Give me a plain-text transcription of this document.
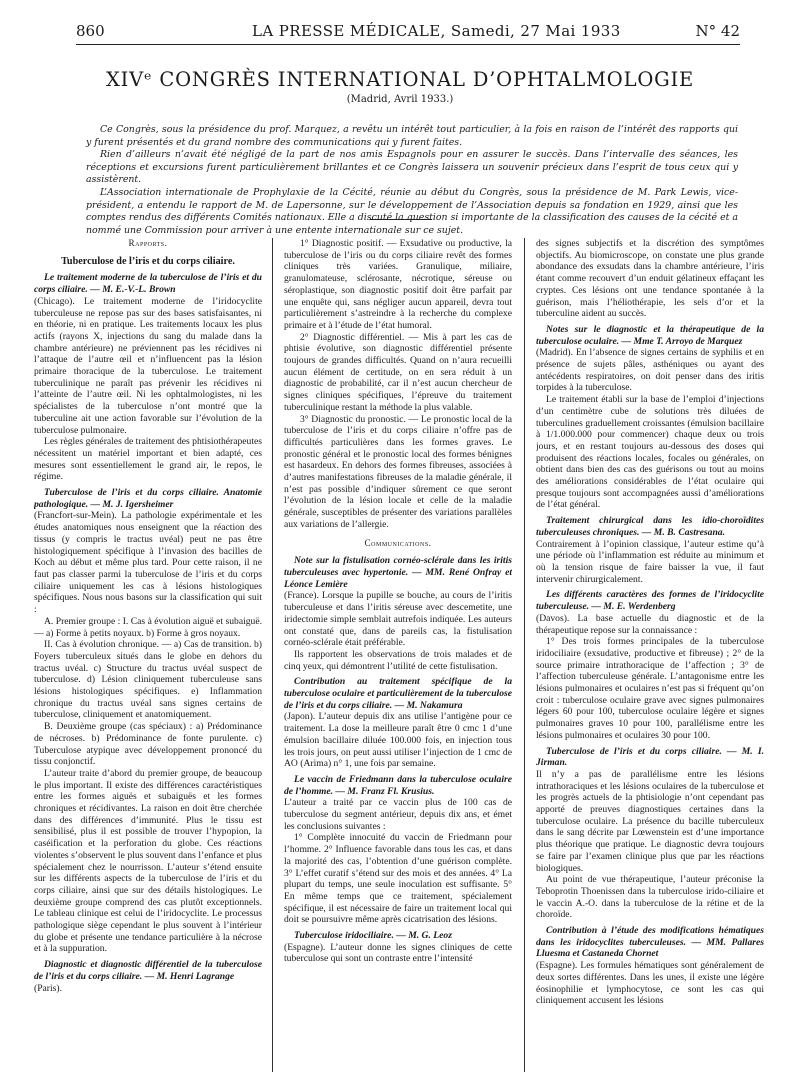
860	LA PRESSE MÉDICALE, Samedi, 27 Mai 1933	N° 42
XIVᵉ CONGRÈS INTERNATIONAL D’OPHTALMOLOGIE
(Madrid, Avril 1933.)

Ce Congrès, sous la présidence du prof. Marquez, a revêtu un intérêt tout particulier, à la fois en raison de l’intérêt des rapports qui y furent présentés et du grand nombre des communications qui y furent faites.

Rien d’ailleurs n’avait été négligé de la part de nos amis Espagnols pour en assurer le succès. Dans l’intervalle des séances, les réceptions et excursions furent particulièrement brillantes et ce Congrès laissera un souvenir précieux dans l’esprit de tous ceux qui y assistèrent.

L’Association internationale de Prophylaxie de la Cécité, réunie au début du Congrès, sous la présidence de M. Park Lewis, vice-président, a entendu le rapport de M. de Lapersonne, sur le développement de l’Association depuis sa fondation en 1929, ainsi que les comptes rendus des différents Comités nationaux. Elle a discuté la question si importante de la classification des causes de la cécité et a nommé une Commission pour arriver à une entente internationale sur ce sujet.

Rapports.

Tuberculose de l’iris et du corps ciliaire.

Le traitement moderne de la tuberculose de l’iris et du corps ciliaire. — M. E.-V.-L. Brown

(Chicago). Le traitement moderne de l’iridocyclite tuberculeuse ne repose pas sur des bases satisfaisantes, ni en théorie, ni en pratique. Les traitements locaux les plus actifs (rayons X, injections du sang du malade dans la chambre antérieure) ne préviennent pas les récidives ni l’attaque de l’autre œil et n’influencent pas la lésion primaire thoracique de la tuberculose. Le traitement tuberculinique ne paraît pas prévenir les récidives ni l’atteinte de l’autre œil. Ni les ophtalmologistes, ni les spécialistes de la tuberculose n’ont montré que la tuberculine ait une action favorable sur l’évolution de la tuberculose pulmonaire.

Les règles générales de traitement des phtisiothérapeutes nécessitent un matériel important et bien adapté, ces mesures sont essentiellement le grand air, le repos, le régime.

Tuberculose de l’iris et du corps ciliaire. Anatomie pathologique. — M. J. Igersheimer

(Francfort-sur-Mein). La pathologie expérimentale et les études anatomiques nous enseignent que la réaction des tissus (y compris le tractus uvéal) peut ne pas être histologiquement spécifique à l’invasion des bacilles de Koch au début et même plus tard. Pour cette raison, il ne faut pas classer parmi la tuberculose de l’iris et du corps ciliaire uniquement les cas à lésions histologiques spécifiques. Nous nous basons sur la classification qui suit :

A. Premier groupe : I. Cas à évolution aiguë et subaiguë. — a) Forme à petits noyaux. b) Forme à gros noyaux.

II. Cas à évolution chronique. — a) Cas de transition. b) Foyers tuberculeux situés dans le globe en dehors du tractus uvéal. c) Structure du tractus uvéal suspect de tuberculose. d) Lésion cliniquement tuberculeuse sans lésions histologiques spécifiques. e) Inflammation chronique du tractus uvéal sans signes certains de tuberculose, cliniquement et anatomiquement.

B. Deuxième groupe (cas spéciaux) : a) Prédominance de nécroses. b) Prédominance de fonte purulente. c) Tuberculose atypique avec développement prononcé du tissu conjonctif.

L’auteur traite d’abord du premier groupe, de beaucoup le plus important. Il existe des différences caractéristiques entre les formes aiguës et subaiguës et les formes chroniques et récidivantes. La raison en doit être cherchée dans des différences d’immunité. Plus le tissu est sensibilisé, plus il est possible de trouver l’hypopion, la caséification et la perforation du globe. Ces réactions violentes s’observent le plus souvent dans l’enfance et plus spécialement chez le nourrisson. L’auteur s’étend ensuite sur les différents aspects de la tuberculose de l’iris et du corps ciliaire, ainsi que sur des détails histologiques. Le deuxième groupe comprend des cas plutôt exceptionnels. Le tableau clinique est celui de l’iridocyclite. Le processus pathologique siège cependant le plus souvent à l’intérieur du globe et présente une tendance particulière à la nécrose et à la suppuration.

Diagnostic et diagnostic différentiel de la tuberculose de l’iris et du corps ciliaire. — M. Henri Lagrange

(Paris).

1° Diagnostic positif. — Exsudative ou productive, la tuberculose de l’iris ou du corps ciliaire revêt des formes cliniques très variées. Granulique, miliaire, granulomateuse, sclérosante, nécrotique, séreuse ou séroplastique, son diagnostic positif doit être parfait par une enquête qui, sans négliger aucun appareil, devra tout particulièrement s’astreindre à la recherche du complexe primaire et à l’étude de l’état humoral.

2° Diagnostic différentiel. — Mis à part les cas de phtisie évolutive, son diagnostic différentiel présente toujours de grandes difficultés. Quand on n’aura recueilli aucun élément de certitude, on en sera réduit à un diagnostic de probabilité, car il n’est aucun chercheur de signes cliniques spécifiques, l’épreuve du traitement tuberculinique restant la méthode la plus valable.

3° Diagnostic du pronostic. — Le pronostic local de la tuberculose de l’iris et du corps ciliaire n’offre pas de difficultés particulières dans les formes graves. Le pronostic général et le pronostic local des formes bénignes est hasardeux. En dehors des formes fibreuses, associées à d’autres manifestations fibreuses de la maladie générale, il n’est pas possible d’indiquer sûrement ce que seront l’évolution de la lésion locale et celle de la maladie générale, susceptibles de présenter des variations parallèles aux variations de l’allergie.

Communications.

Note sur la fistulisation cornéo-sclérale dans les iritis tuberculeuses avec hypertonie. — MM. René Onfray et Léonce Lemière

(France). Lorsque la pupille se bouche, au cours de l’iritis tuberculeuse et dans l’iritis séreuse avec descemetite, une iridectomie simple semblait autrefois indiquée. Les auteurs ont constaté que, dans de pareils cas, la fistulisation cornéo-sclérale était préférable.

Ils rapportent les observations de trois malades et de cinq yeux, qui démontrent l’utilité de cette fistulisation.

Contribution au traitement spécifique de la tuberculose oculaire et particulièrement de la tuberculose de l’iris et du corps ciliaire. — M. Nakamura

(Japon). L’auteur depuis dix ans utilise l’antigène pour ce traitement. La dose la meilleure paraît être 0 cmc 1 d’une émulsion bacillaire diluée 100.000 fois, en injection tous les trois jours, on peut aussi utiliser l’injection de 1 cmc de AO (Arima) n° 1, une fois par semaine.

Le vaccin de Friedmann dans la tuberculose oculaire de l’homme. — M. Franz Fl. Krusius.

L’auteur a traité par ce vaccin plus de 100 cas de tuberculose du segment antérieur, depuis dix ans, et émet les conclusions suivantes :

1° Complète innocuité du vaccin de Friedmann pour l’homme. 2° Influence favorable dans tous les cas, et dans la majorité des cas, l’obtention d’une guérison complète. 3° L’effet curatif s’étend sur des mois et des années. 4° La plupart du temps, une seule inoculation est suffisante. 5° En même temps que ce traitement, spécialement spécifique, il est nécessaire de faire un traitement local qui doit se poursuivre même après cicatrisation des lésions.

Tuberculose iridociliaire. — M. G. Leoz

(Espagne). L’auteur donne les signes cliniques de cette tuberculose qui sont un contraste entre l’intensité

des signes subjectifs et la discrétion des symptômes objectifs. Au biomicroscope, on constate une plus grande abondance des exsudats dans la chambre antérieure, l’iris étant comme recouvert d’un enduit gélatineux effaçant les cryptes. Ces lésions ont une tendance spontanée à la guérison, mais l’héliothérapie, les sels d’or et la tuberculine aident au succès.

Notes sur le diagnostic et la thérapeutique de la tuberculose oculaire. — Mme T. Arroyo de Marquez

(Madrid). En l’absence de signes certains de syphilis et en présence de sujets pâles, asthéniques ou ayant des antécédents respiratoires, on doit penser dans des iritis torpides à la tuberculose.

Le traitement établi sur la base de l’emploi d’injections d’un centimètre cube de solutions très diluées de tuberculines graduellement croissantes (émulsion bacillaire à 1/1.000.000 pour commencer) chaque deux ou trois jours, et en restant toujours au-dessous des doses qui produisent des réactions locales, focales ou générales, on obtient dans bien des cas des guérisons ou tout au moins des améliorations considérables de l’état oculaire qui presque toujours sont accompagnées aussi d’améliorations de l’état général.

Traitement chirurgical dans les idio-choroïdites tuberculeuses chroniques. — M. B. Castresana.

Contrairement à l’opinion classique, l’auteur estime qu’à une période où l’inflammation est réduite au minimum et où la tension risque de faire baisser la vue, il faut intervenir chirurgicalement.

Les différents caractères des formes de l’iridocyclite tuberculeuse. — M. E. Werdenberg

(Davos). La base actuelle du diagnostic et de la thérapeutique repose sur la connaissance :

1° Des trois formes principales de la tuberculose iridociliaire (exsudative, productive et fibreuse) ; 2° de la source primaire intrathoracique de l’affection ; 3° de l’affection tuberculeuse générale. L’antagonisme entre les lésions pulmonaires et oculaires n’est pas si fréquent qu’on croit : tuberculose oculaire grave avec signes pulmonaires légers 60 pour 100, tuberculose oculaire légère et signes pulmonaires graves 10 pour 100, parallélisme entre les lésions pulmonaires et oculaires 30 pour 100.

Tuberculose de l’iris et du corps ciliaire. — M. I. Jirman.

Il n’y a pas de parallélisme entre les lésions intrathoraciques et les lésions oculaires de la tuberculose et les progrès actuels de la phtisiologie n’ont cependant pas apporté de preuves diagnostiques certaines dans la tuberculose oculaire. La présence du bacille tuberculeux dans le sang décrite par Lœwenstein est d’une importance plus théorique que pratique. Le diagnostic devra toujours se faire par l’examen clinique plus que par les réactions biologiques.

Au point de vue thérapeutique, l’auteur préconise la Teboprotin Thoenissen dans la tuberculose irido-ciliaire et le vaccin A.-O. dans la tuberculose de la rétine et de la choroïde.

Contribution à l’étude des modifications hématiques dans les iridocyclites tuberculeuses. — MM. Pallares Lluesma et Castaneda Chornet

(Espagne). Les formules hématiques sont généralement de deux sortes différentes. Dans les unes, il existe une légère éosinophilie et lymphocytose, ce sont les cas qui cliniquement accusent les lésions
